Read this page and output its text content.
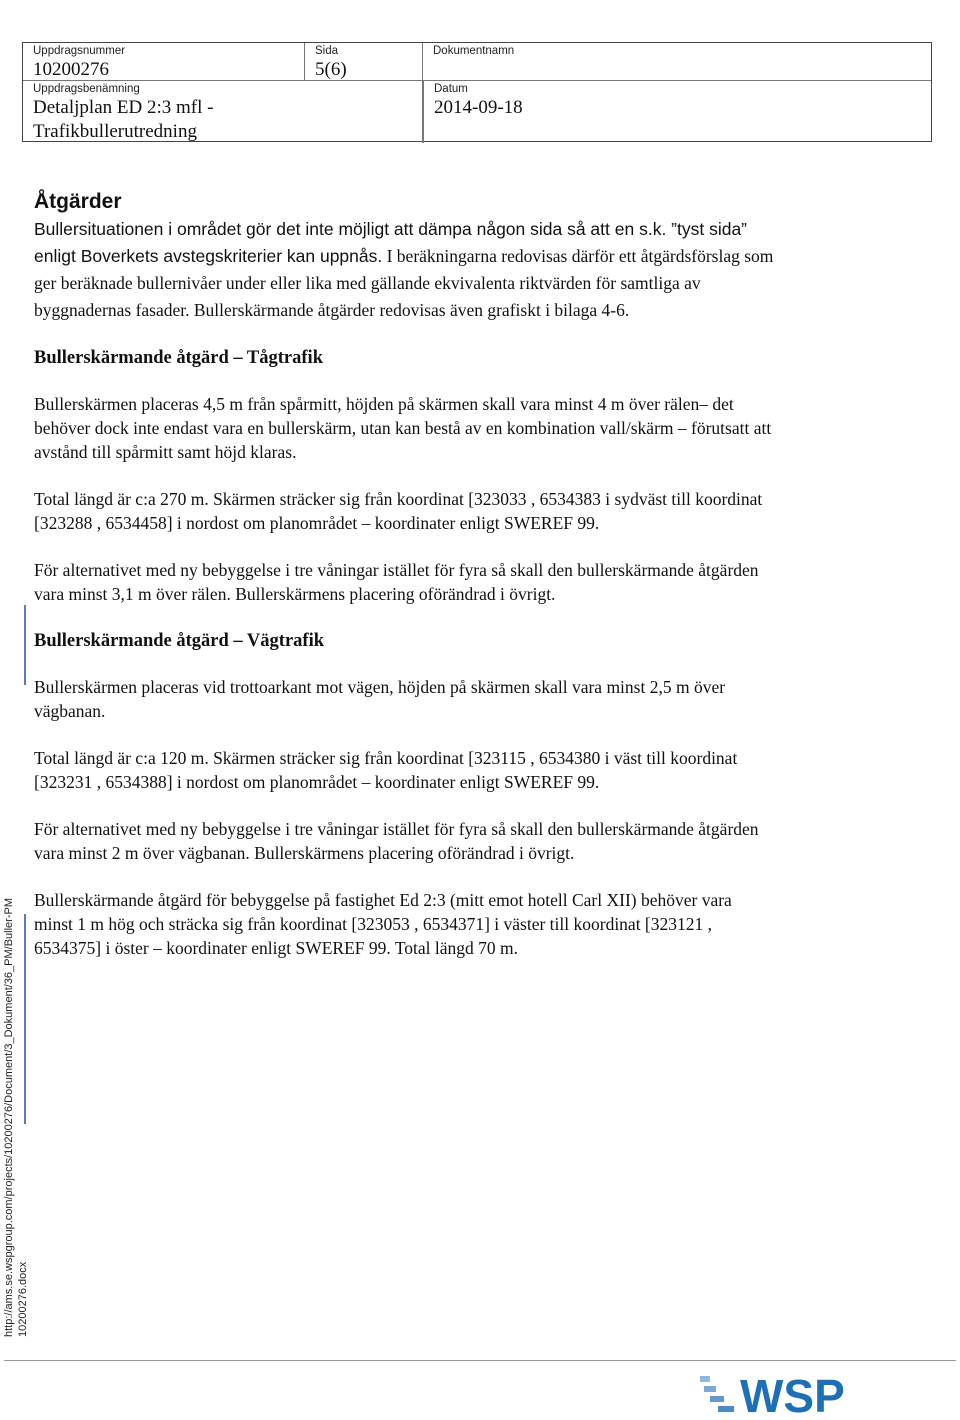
Uppdragsnummer
10200276
Sida
5(6)
Dokumentnamn
Uppdragsbenämning
Detaljplan ED 2:3 mfl -
Trafikbullerutredning
Datum
2014-09-18
Åtgärder

Bullersituationen i området gör det inte möjligt att dämpa någon sida så att en s.k. ”tyst sida” enligt Boverkets avstegskriterier kan uppnås. I beräkningarna redovisas därför ett åtgärdsförslag som ger beräknade bullernivåer under eller lika med gällande ekvivalenta riktvärden för samtliga av byggnadernas fasader. Bullerskärmande åtgärder redovisas även grafiskt i bilaga 4-6.

Bullerskärmande åtgärd – Tågtrafik

Bullerskärmen placeras 4,5 m från spårmitt, höjden på skärmen skall vara minst 4 m över rälen– det behöver dock inte endast vara en bullerskärm, utan kan bestå av en kombination vall/skärm – förutsatt att avstånd till spårmitt samt höjd klaras.

Total längd är c:a 270 m. Skärmen sträcker sig från koordinat [323033 , 6534383 i sydväst till koordinat [323288 , 6534458] i nordost om planområdet – koordinater enligt SWEREF 99.

För alternativet med ny bebyggelse i tre våningar istället för fyra så skall den bullerskärmande åtgärden vara minst 3,1 m över rälen. Bullerskärmens placering oförändrad i övrigt.

Bullerskärmande åtgärd – Vägtrafik

Bullerskärmen placeras vid trottoarkant mot vägen, höjden på skärmen skall vara minst 2,5 m över vägbanan.

Total längd är c:a 120 m. Skärmen sträcker sig från koordinat [323115 , 6534380 i väst till koordinat [323231 , 6534388] i nordost om planområdet – koordinater enligt SWEREF 99.

För alternativet med ny bebyggelse i tre våningar istället för fyra så skall den bullerskärmande åtgärden vara minst 2 m över vägbanan. Bullerskärmens placering oförändrad i övrigt.

Bullerskärmande åtgärd för bebyggelse på fastighet Ed 2:3 (mitt emot hotell Carl XII) behöver vara minst 1 m hög och sträcka sig från koordinat [323053 , 6534371] i väster till koordinat [323121 , 6534375] i öster – koordinater enligt SWEREF 99. Total längd 70 m.

http://ams.se.wspgroup.com/projects/10200276/Document/3_Dokument/36_PM/Buller-PM 10200276.docx
WSP
